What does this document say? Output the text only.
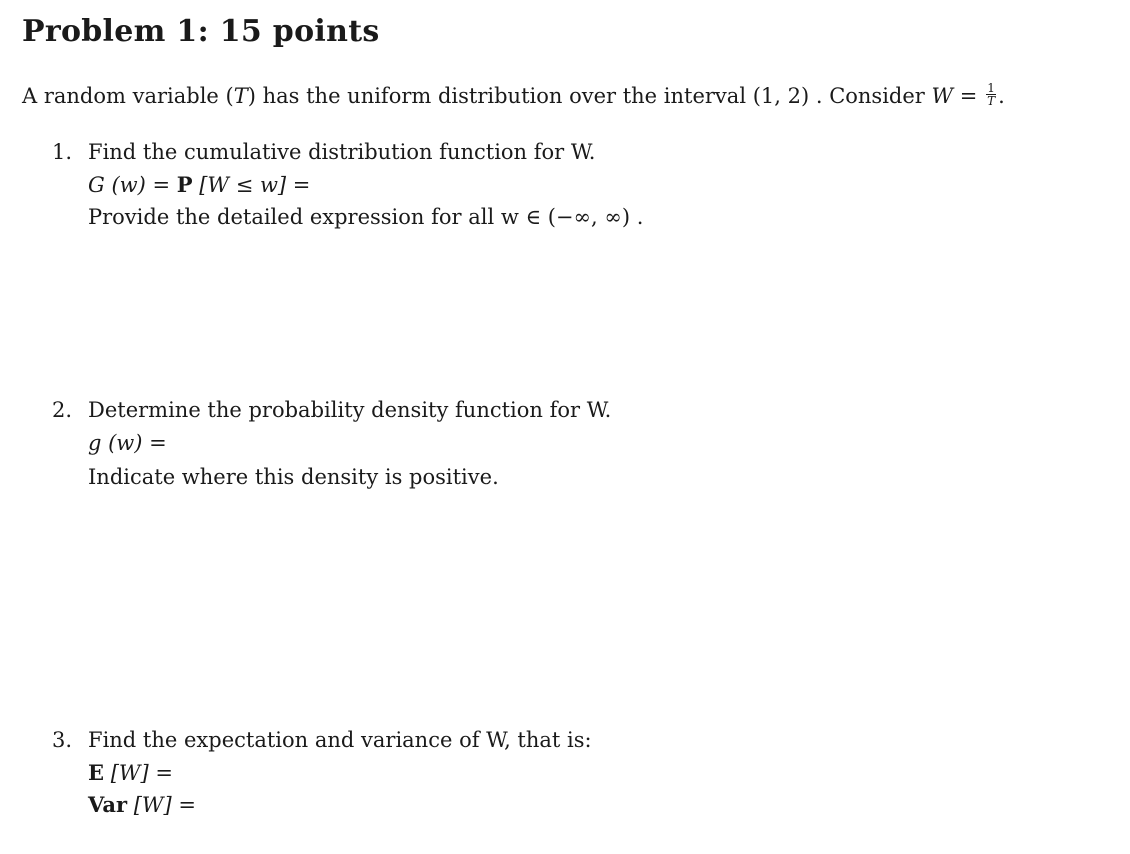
Problem 1: 15 points
A random variable (T) has the uniform distribution over the interval (1, 2) . Consider $W = \frac{1}{T}$ .
1. Find the cumulative distribution function for W.
G (w) = P [W ≤ w] =
Provide the detailed expression for all w ∈ (−∞, ∞) .
2. Determine the probability density function for W.
g (w) =
Indicate where this density is positive.
3. Find the expectation and variance of W, that is:
E [W] =
Var [W] =
